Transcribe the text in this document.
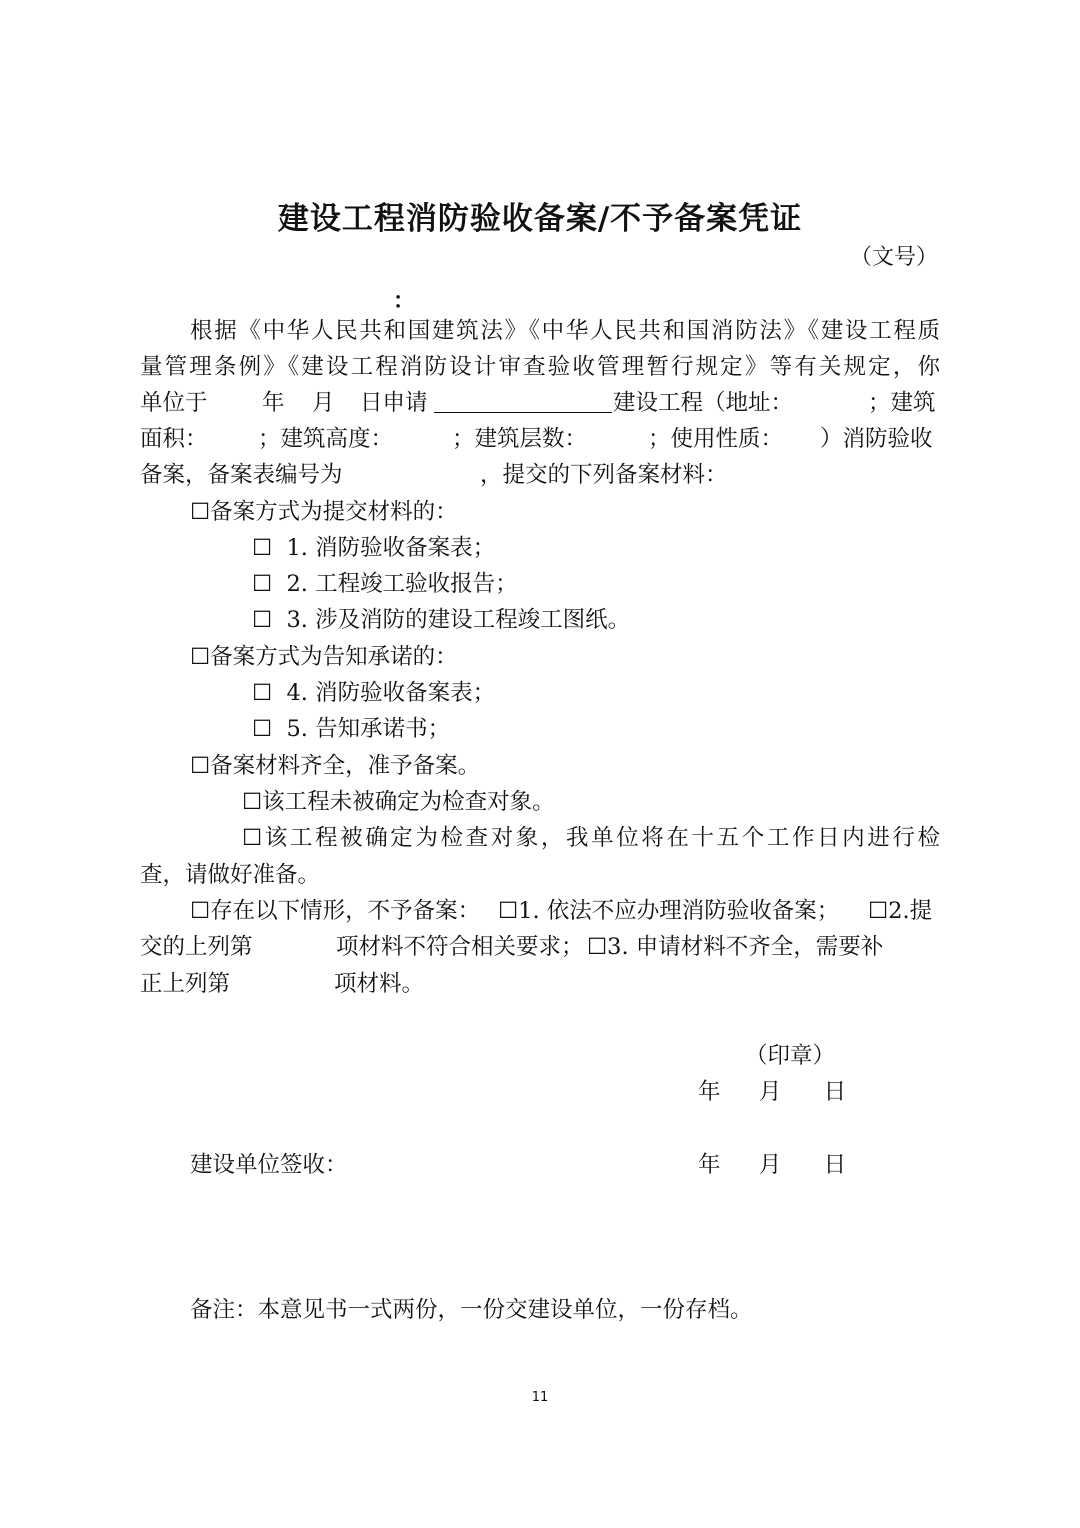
建设工程消防验收备案/不予备案凭证
（文号）
：
根据《中华人民共和国建筑法》《中华人民共和国消防法》《建设工程质
量管理条例》《建设工程消防设计审查验收管理暂行规定》等有关规定，你
单位于 年 月 日申请	建设工程（地址：	；建筑
面积： ；建筑高度：	；建筑层数：	；使用性质： ）消防验收
备案，备案表编号为	，提交的下列备案材料：
☐备案方式为提交材料的：
☐ 1. 消防验收备案表；
☐ 2. 工程竣工验收报告；
☐ 3. 涉及消防的建设工程竣工图纸。
☐备案方式为告知承诺的：
☐ 4. 消防验收备案表；
☐ 5. 告知承诺书；
☐备案材料齐全，准予备案。
☐该工程未被确定为检查对象。
☐该工程被确定为检查对象，我单位将在十五个工作日内进行检
查，请做好准备。
☐存在以下情形，不予备案： ☐1. 依法不应办理消防验收备案； ☐2.提
交的上列第	项材料不符合相关要求； ☐3. 申请材料不齐全，需要补
正上列第	项材料。
（印章）
年 月 日
建设单位签收：	年 月 日
备注：本意见书一式两份，一份交建设单位，一份存档。
11
